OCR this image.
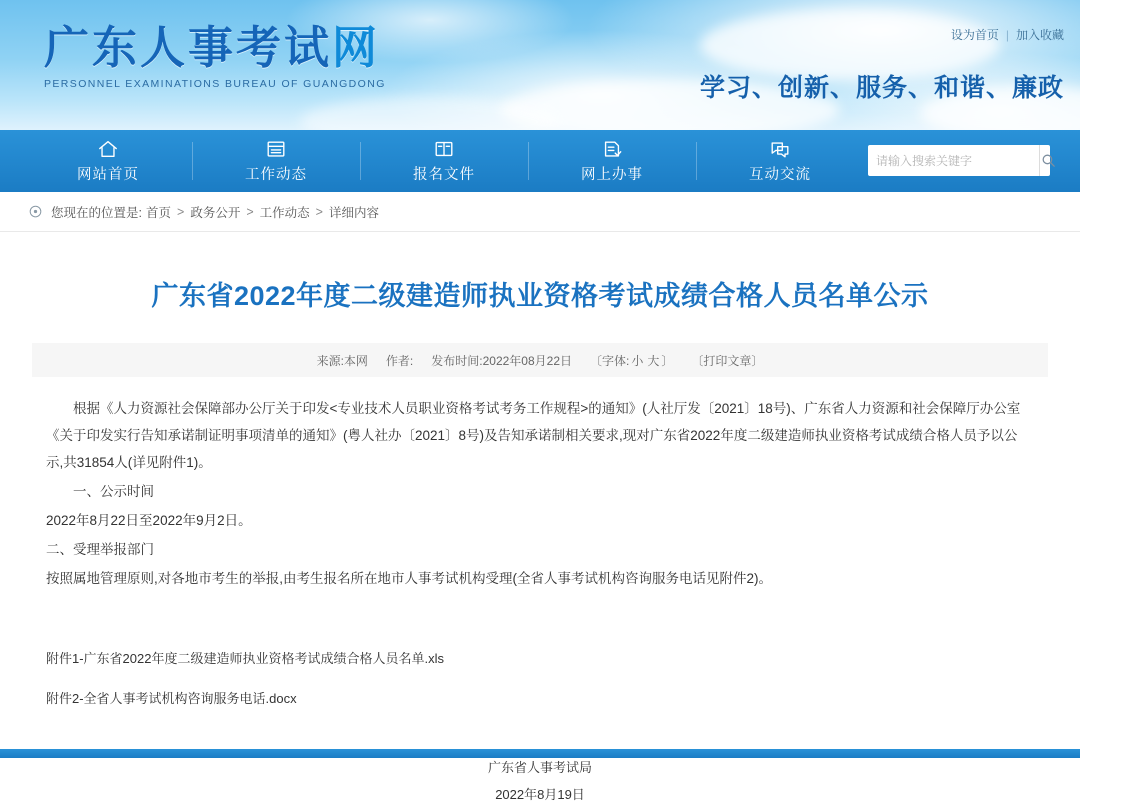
广东人事考试网
PERSONNEL EXAMINATIONS BUREAU OF GUANGDONG
设为首页 | 加入收藏
学习、创新、服务、和谐、廉政
网站首页	工作动态	报名文件	网上办事	互动交流
请输入搜索关键字
您现在的位置是: 首页 > 政务公开 > 工作动态 > 详细内容
广东省2022年度二级建造师执业资格考试成绩合格人员名单公示
来源:本网 作者: 发布时间:2022年08月22日 〔字体: 小 大 〕 〔打印文章〕

根据《人力资源社会保障部办公厅关于印发<专业技术人员职业资格考试考务工作规程>的通知》(人社厅发〔2021〕18号)、广东省人力资源和社会保障厅办公室《关于印发实行告知承诺制证明事项清单的通知》(粤人社办〔2021〕8号)及告知承诺制相关要求,现对广东省2022年度二级建造师执业资格考试成绩合格人员予以公示,共31854人(详见附件1)。

一、公示时间

2022年8月22日至2022年9月2日。

二、受理举报部门

按照属地管理原则,对各地市考生的举报,由考生报名所在地市人事考试机构受理(全省人事考试机构咨询服务电话见附件2)。

附件1-广东省2022年度二级建造师执业资格考试成绩合格人员名单.xls

附件2-全省人事考试机构咨询服务电话.docx

广东省人事考试局
2022年8月19日
